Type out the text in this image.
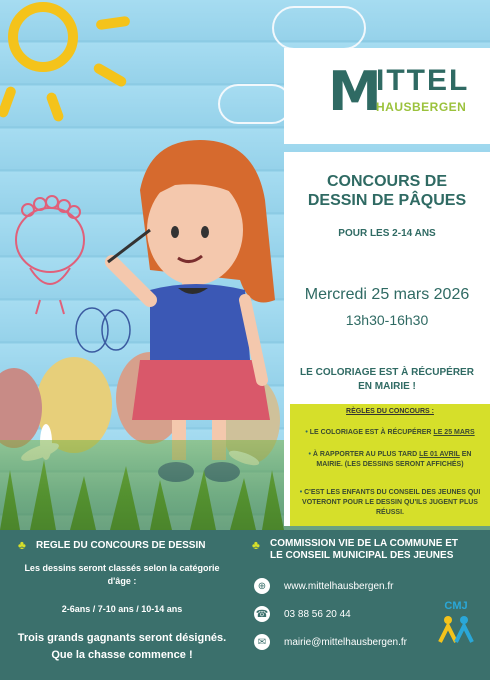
M
ITTEL
HAUSBERGEN
CONCOURS DE
DESSIN DE PÂQUES
POUR LES 2-14 ANS
Mercredi 25 mars 2026
13h30-16h30
LE COLORIAGE EST À RÉCUPÉRER
EN MAIRIE !
RÈGLES DU CONCOURS :
• LE COLORIAGE EST À RÉCUPÉRER LE 25 MARS
• À RAPPORTER AU PLUS TARD LE 01 AVRIL EN MAIRIE. (LES DESSINS SERONT AFFICHÉS)
• C'EST LES ENFANTS DU CONSEIL DES JEUNES QUI VOTERONT POUR LE DESSIN QU'ILS JUGENT PLUS RÉUSSI.
♣ REGLE DU CONCOURS DE DESSIN
Les dessins seront classés selon la catégorie
d'âge :
2-6ans / 7-10 ans / 10-14 ans
Trois grands gagnants seront désignés.
Que la chasse commence !
♣ COMMISSION VIE DE LA COMMUNE ET
LE CONSEIL MUNICIPAL DES JEUNES
⊕	www.mittelhausbergen.fr
☎ 03 88 56 20 44
✉	mairie@mittelhausbergen.fr
CMJ
